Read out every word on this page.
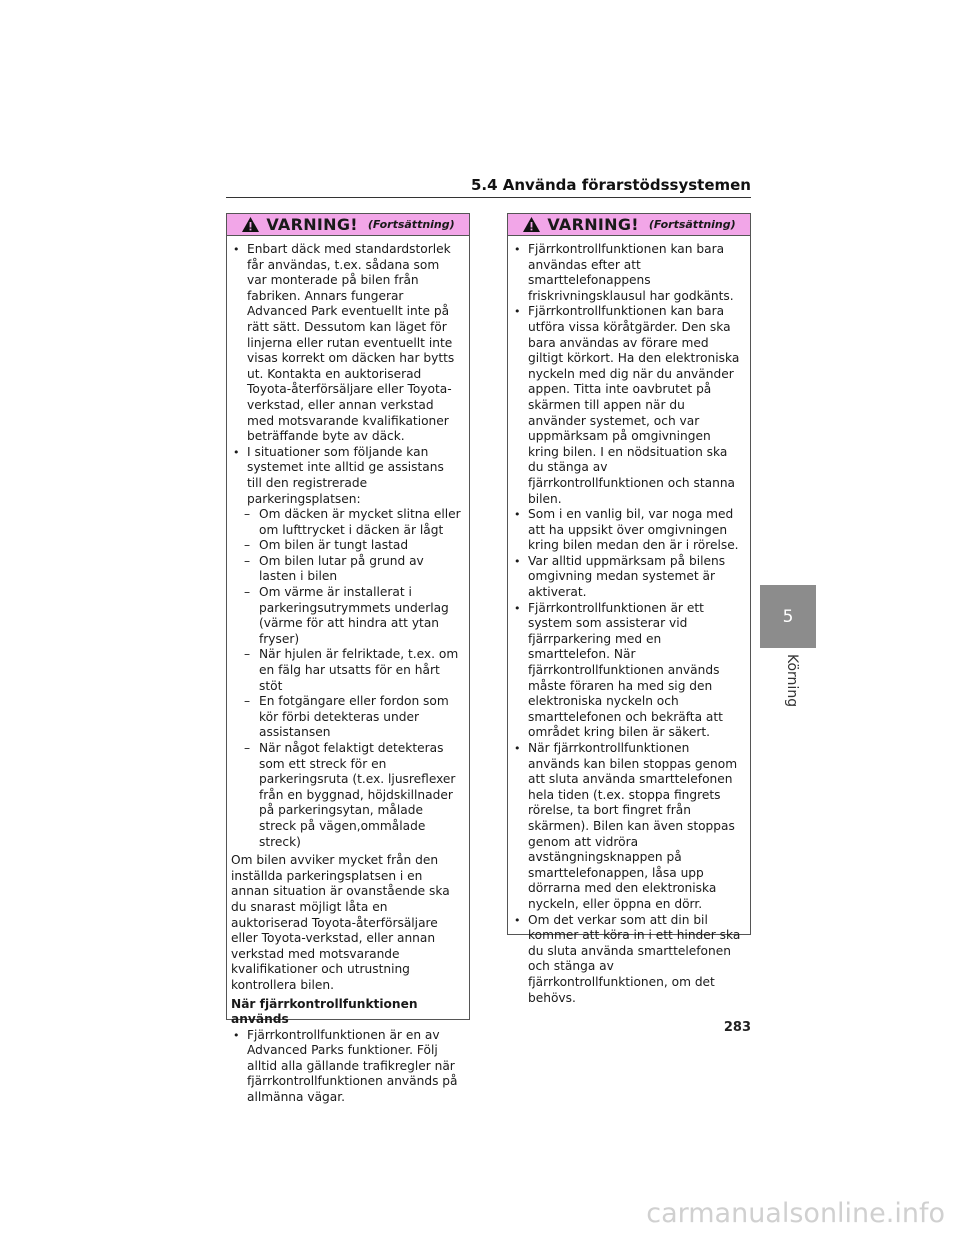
5.4 Använda förarstödssystemen
VARNING! (Fortsättning)
• Enbart däck med standardstorlek får användas, t.ex. sådana som var monterade på bilen från fabriken. Annars fungerar Advanced Park eventuellt inte på rätt sätt. Dessutom kan läget för linjerna eller rutan eventuellt inte visas korrekt om däcken har bytts ut. Kontakta en auktoriserad Toyota-återförsäljare eller Toyota-verkstad, eller annan verkstad med motsvarande kvalifikationer beträffande byte av däck.
• I situationer som följande kan systemet inte alltid ge assistans till den registrerade parkeringsplatsen:
– Om däcken är mycket slitna eller om lufttrycket i däcken är lågt
– Om bilen är tungt lastad
– Om bilen lutar på grund av lasten i bilen
– Om värme är installerat i parkeringsutrymmets underlag (värme för att hindra att ytan fryser)
– När hjulen är felriktade, t.ex. om en fälg har utsatts för en hårt stöt
– En fotgängare eller fordon som kör förbi detekteras under assistansen
– När något felaktigt detekteras som ett streck för en parkeringsruta (t.ex. ljusreflexer från en byggnad, höjdskillnader på parkeringsytan, målade streck på vägen,ommålade streck)
Om bilen avviker mycket från den inställda parkeringsplatsen i en annan situation är ovanstående ska du snarast möjligt låta en auktoriserad Toyota-återförsäljare eller Toyota-verkstad, eller annan verkstad med motsvarande kvalifikationer och utrustning kontrollera bilen.
När fjärrkontrollfunktionen används
• Fjärrkontrollfunktionen är en av Advanced Parks funktioner. Följ alltid alla gällande trafikregler när fjärrkontrollfunktionen används på allmänna vägar.
VARNING! (Fortsättning)
• Fjärrkontrollfunktionen kan bara användas efter att smarttelefonappens friskrivningsklausul har godkänts.
• Fjärrkontrollfunktionen kan bara utföra vissa köråtgärder. Den ska bara användas av förare med giltigt körkort. Ha den elektroniska nyckeln med dig när du använder appen. Titta inte oavbrutet på skärmen till appen när du använder systemet, och var uppmärksam på omgivningen kring bilen. I en nödsituation ska du stänga av fjärrkontrollfunktionen och stanna bilen.
• Som i en vanlig bil, var noga med att ha uppsikt över omgivningen kring bilen medan den är i rörelse.
• Var alltid uppmärksam på bilens omgivning medan systemet är aktiverat.
• Fjärrkontrollfunktionen är ett system som assisterar vid fjärrparkering med en smarttelefon. När fjärrkontrollfunktionen används måste föraren ha med sig den elektroniska nyckeln och smarttelefonen och bekräfta att området kring bilen är säkert.
• När fjärrkontrollfunktionen används kan bilen stoppas genom att sluta använda smarttelefonen hela tiden (t.ex. stoppa fingrets rörelse, ta bort fingret från skärmen). Bilen kan även stoppas genom att vidröra avstängningsknappen på smarttelefonappen, låsa upp dörrarna med den elektroniska nyckeln, eller öppna en dörr.
• Om det verkar som att din bil kommer att köra in i ett hinder ska du sluta använda smarttelefonen och stänga av fjärrkontrollfunktionen, om det behövs.
5
Körning
283
carmanualsonline.info
